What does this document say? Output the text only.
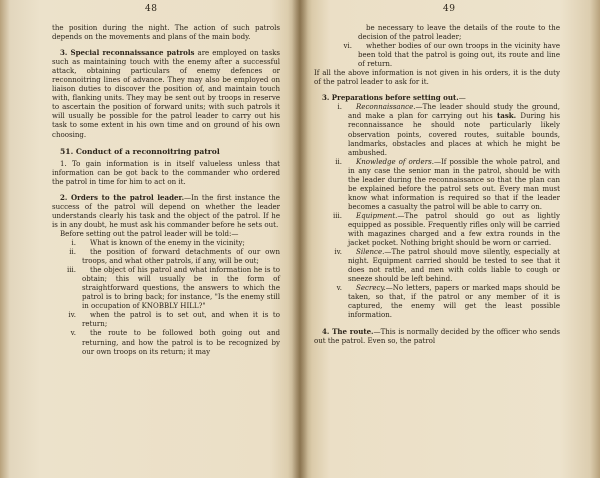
48

the position during the night. The action of such patrols depends on the movements and plans of the main body.

3. Special reconnaissance patrols are employed on tasks such as maintaining touch with the enemy after a successful attack, obtaining particulars of enemy defences or reconnoitring lines of advance. They may also be employed on liaison duties to discover the position of, and maintain touch with, flanking units. They may be sent out by troops in reserve to ascertain the position of forward units; with such patrols it will usually be possible for the patrol leader to carry out his task to some extent in his own time and on ground of his own choosing.

51. Conduct of a reconnoitring patrol

1. To gain information is in itself valueless unless that information can be got back to the commander who ordered the patrol in time for him to act on it.

2. Orders to the patrol leader.—In the first instance the success of the patrol will depend on whether the leader understands clearly his task and the object of the patrol. If he is in any doubt, he must ask his commander before he sets out.

Before setting out the patrol leader will be told:—

i. What is known of the enemy in the vicinity;

ii. the position of forward detachments of our own troops, and what other patrols, if any, will be out;

iii. the object of his patrol and what information he is to obtain; this will usually be in the form of straightforward questions, the answers to which the patrol is to bring back; for instance, "Is the enemy still in occupation of KNOBBLY HILL?"

iv. when the patrol is to set out, and when it is to return;

v. the route to be followed both going out and returning, and how the patrol is to be recognized by our own troops on its return; it may

49

be necessary to leave the details of the route to the decision of the patrol leader;

vi. whether bodies of our own troops in the vicinity have been told that the patrol is going out, its route and line of return.

If all the above information is not given in his orders, it is the duty of the patrol leader to ask for it.

3. Preparations before setting out.—

i. Reconnaissance.—The leader should study the ground, and make a plan for carrying out his task. During his reconnaissance he should note particularly likely observation points, covered routes, suitable bounds, landmarks, obstacles and places at which he might be ambushed.

ii. Knowledge of orders.—If possible the whole patrol, and in any case the senior man in the patrol, should be with the leader during the reconnaissance so that the plan can be explained before the patrol sets out. Every man must know what information is required so that if the leader becomes a casualty the patrol will be able to carry on.

iii. Equipment.—The patrol should go out as lightly equipped as possible. Frequently rifles only will be carried with magazines charged and a few extra rounds in the jacket pocket. Nothing bright should be worn or carried.

iv. Silence.—The patrol should move silently, especially at night. Equipment carried should be tested to see that it does not rattle, and men with colds liable to cough or sneeze should be left behind.

v. Secrecy.—No letters, papers or marked maps should be taken, so that, if the patrol or any member of it is captured, the enemy will get the least possible information.

4. The route.—This is normally decided by the officer who sends out the patrol. Even so, the patrol
